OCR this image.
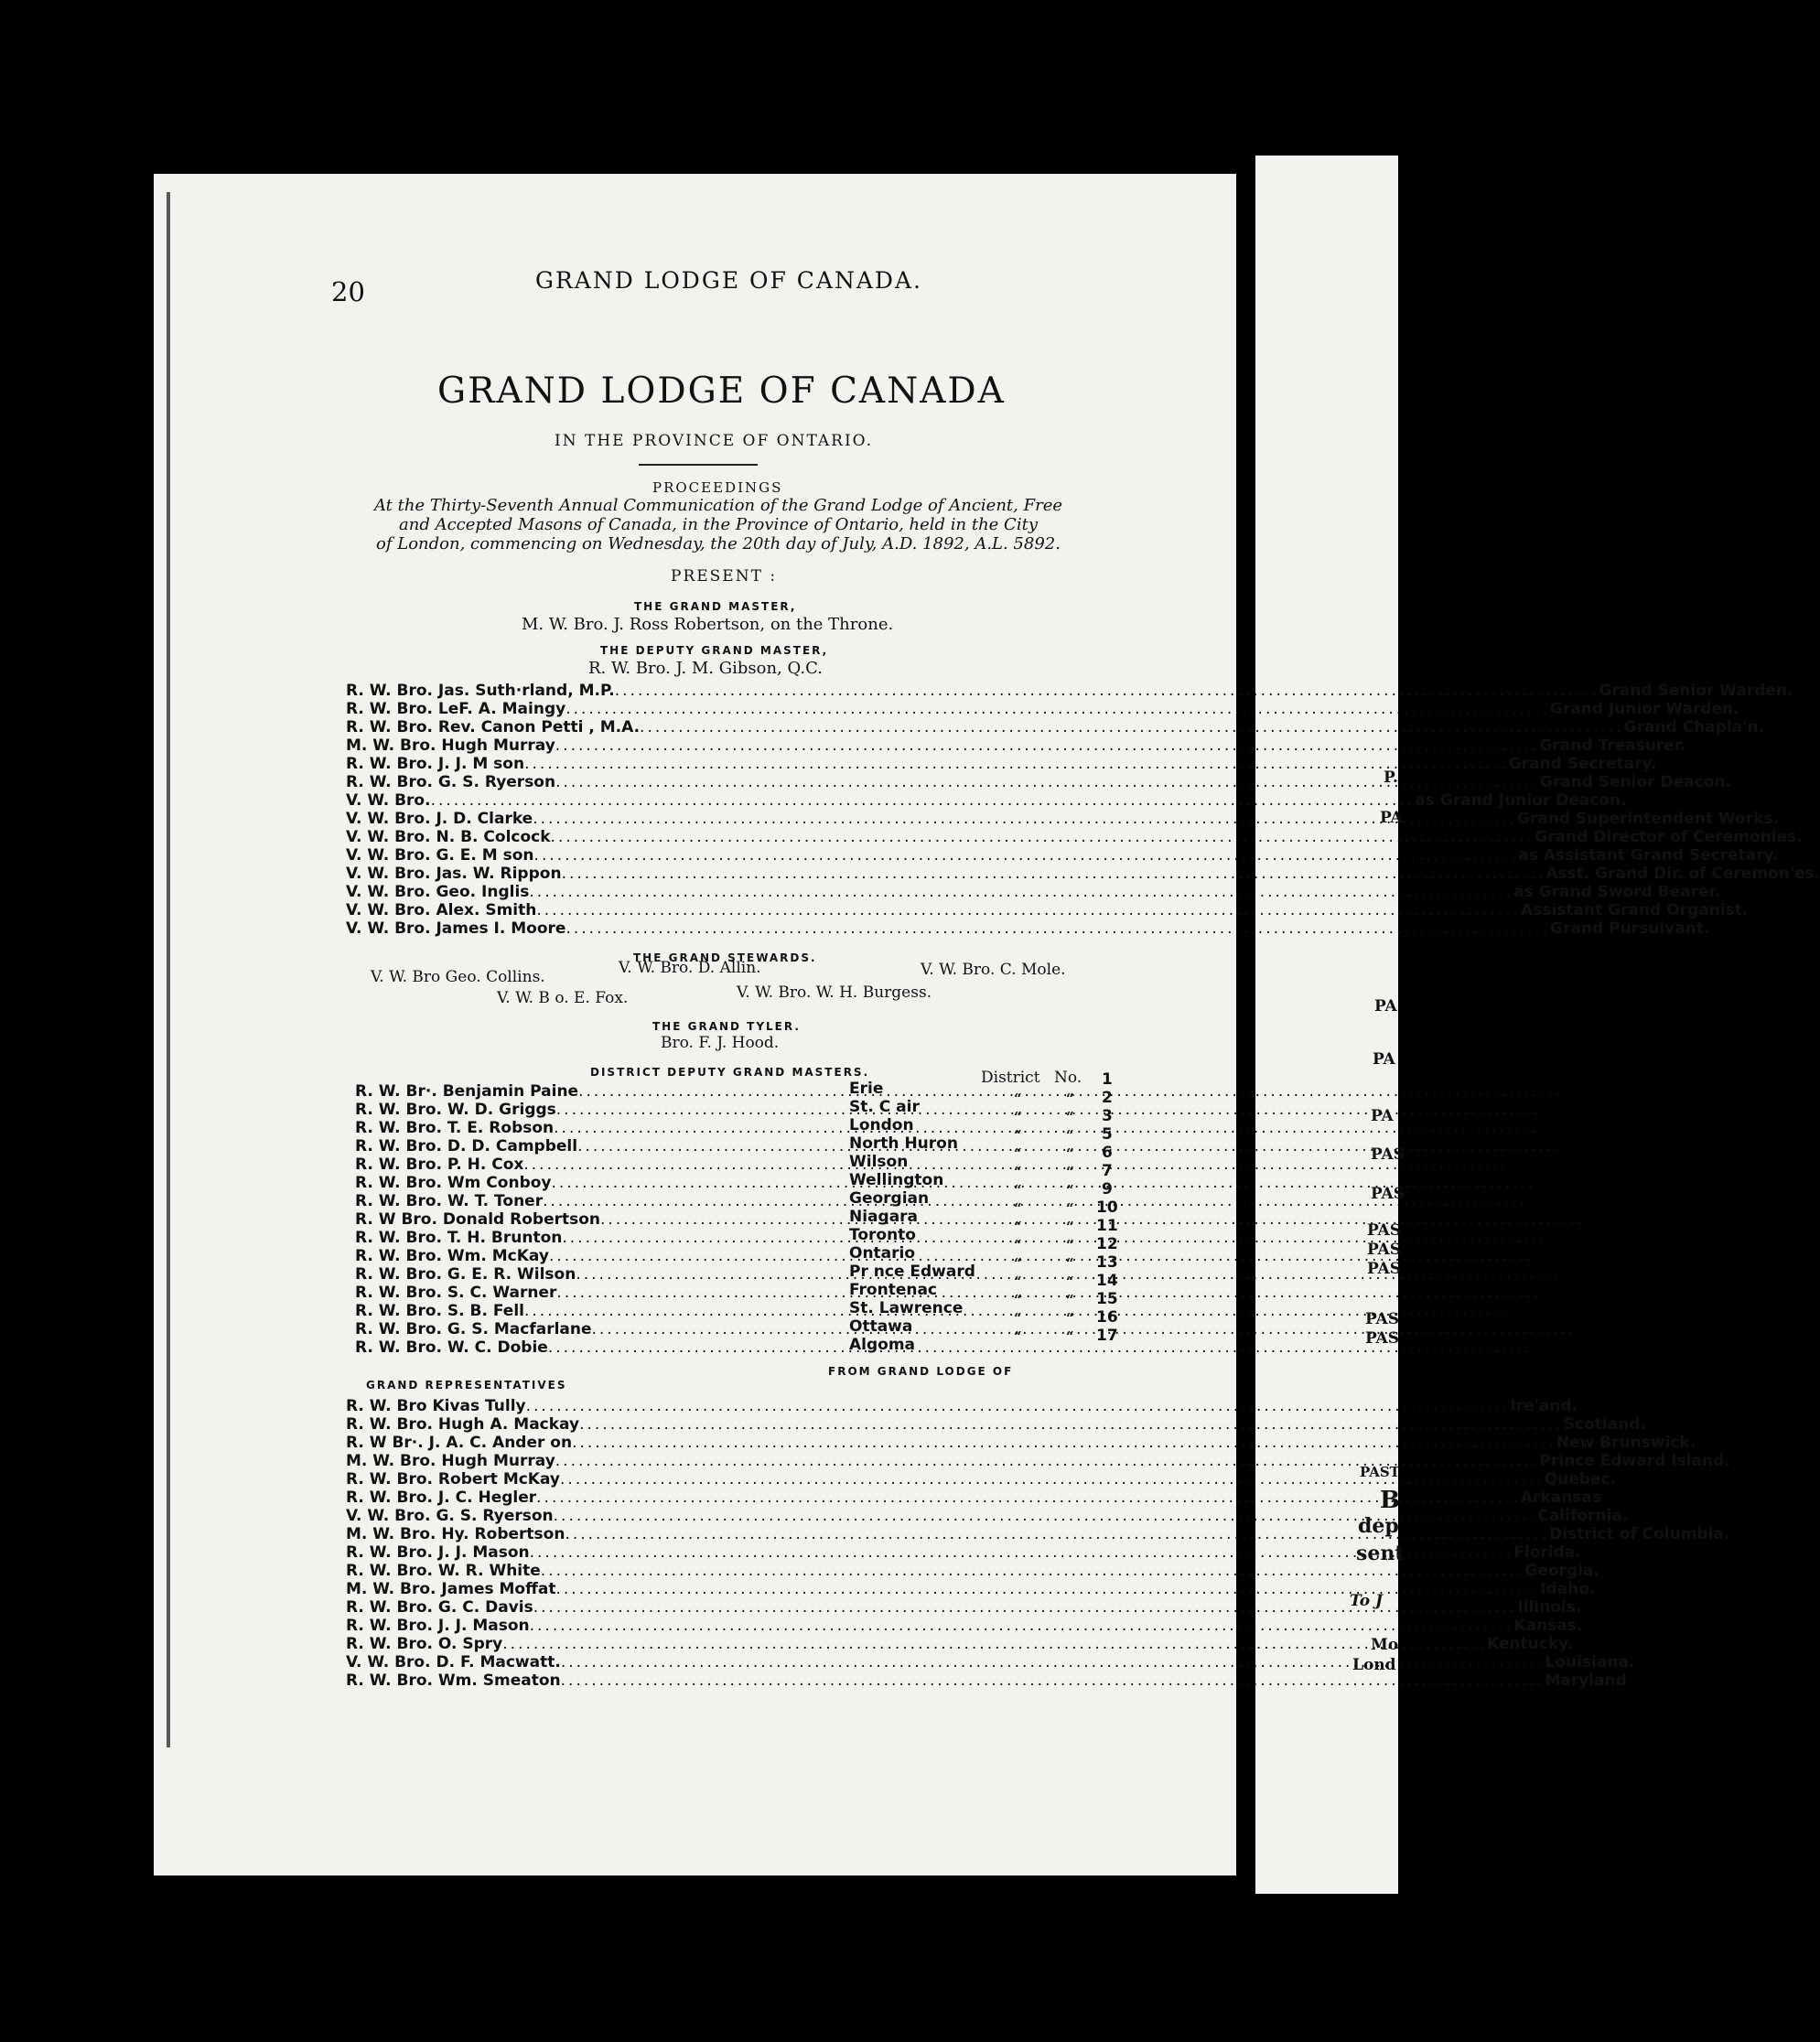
20	GRAND LODGE OF CANADA.
GRAND LODGE OF CANADA
IN THE PROVINCE OF ONTARIO.
PROCEEDINGS
At the Thirty-Seventh Annual Communication of the Grand Lodge of Ancient, Free
and Accepted Masons of Canada, in the Province of Ontario, held in the City
of London, commencing on Wednesday, the 20th day of July, A.D. 1892, A.L. 5892.
PRESENT :
THE GRAND MASTER,
M. W. Bro. J. Ross Robertson, on the Throne.
THE DEPUTY GRAND MASTER,
R. W. Bro. J. M. Gibson, Q.C.
R. W. Bro. Jas. Suth·rland, M.P. .....	Grand Senior Warden.
R. W. Bro. LeF. A. Maingy .....	Grand Junior Warden.
R. W. Bro. Rev. Canon Petti , M.A. .....	Grand Chapla'n.
M. W. Bro. Hugh Murray .....	Grand Treasurer.
R. W. Bro. J. J. M son .....	Grand Secretary.
R. W. Bro. G. S. Ryerson .....	Grand Senior Deacon.
V. W. Bro. .....	as Grand Junior Deacon.
V. W. Bro. J. D. Clarke .....	Grand Superintendent Works.
V. W. Bro. N. B. Colcock .....	Grand Director of Ceremonies.
V. W. Bro. G. E. M son .....	as Assistant Grand Secretary.
V. W. Bro. Jas. W. Rippon .....	Asst. Grand Dir. of Ceremon'es.
V. W. Bro. Geo. Inglis .....	as Grand Sword Bearer.
V. W. Bro. Alex. Smith .....	Assistant Grand Organist.
V. W. Bro. James I. Moore .....	Grand Pursuivant.
THE GRAND STEWARDS.
V. W. Bro Geo. Collins.	V. W. Bro. D. Allin.	V. W. Bro. C. Mole.
V. W. B o. E. Fox.	V. W. Bro. W. H. Burgess.
THE GRAND TYLER.
Bro. F. J. Hood.
DISTRICT DEPUTY GRAND MASTERS.	District No.
R. W. Br·. Benjamin Paine .....	Erie	1
R. W. Bro. W. D. Griggs .....	St. C air	“	“ 2
R. W. Bro. T. E. Robson .....	London	“	“ 3
R. W. Bro. D. D. Campbell .....	North Huron	“	“ 5
R. W. Bro. P. H. Cox .....	Wilson	“	“ 6
R. W. Bro. Wm Conboy .....	Wellington	“	“ 7
R. W. Bro. W. T. Toner .....	Georgian	“	“ 9
R. W Bro. Donald Robertson .....	Niagara	“	“ 10
R. W. Bro. T. H. Brunton .....	Toronto	“	“ 11
R. W. Bro. Wm. McKay .....	Ontario	“	“ 12
R. W. Bro. G. E. R. Wilson .....	Pr nce Edward	“	“ 13
R. W. Bro. S. C. Warner .....	Frontenac	“	“ 14
R. W. Bro. S. B. Fell .....	St. Lawrence	“	“ 15
R. W. Bro. G. S. Macfarlane .....	Ottawa	“	“ 16
R. W. Bro. W. C. Dobie .....	Algoma	“	“ 17
GRAND REPRESENTATIVES
FROM GRAND LODGE OF
R. W. Bro Kivas Tully .....	Ire'and.
R. W. Bro. Hugh A. Mackay .....	Scotland.
R. W Br·. J. A. C. Ander on .....	New Brunswick.
M. W. Bro. Hugh Murray .....	Prince Edward Island.
R. W. Bro. Robert McKay .....	Quebec.
R. W. Bro. J. C. Hegler .....	Arkansas
V. W. Bro. G. S. Ryerson .....	California.
M. W. Bro. Hy. Robertson .....	District of Columbia.
R. W. Bro. J. J. Mason .....	Florida.
R. W. Bro. W. R. White .....	Georgia.
M. W. Bro. James Moffat .....	Idaho.
R. W. Bro. G. C. Davis .....	Illinois.
R. W. Bro. J. J. Mason .....	Kansas.
R. W. Bro. O. Spry .....	Kentucky.
V. W. Bro. D. F. Macwatt. .....	Louisiana.
R. W. Bro. Wm. Smeaton .....	Maryland
P.
PA
PA
PA
PA
PAS
PAS
PAS
PAS
PAS
PAS
PAS
PAST
B
dep
sent
To J
Mo
Lond
